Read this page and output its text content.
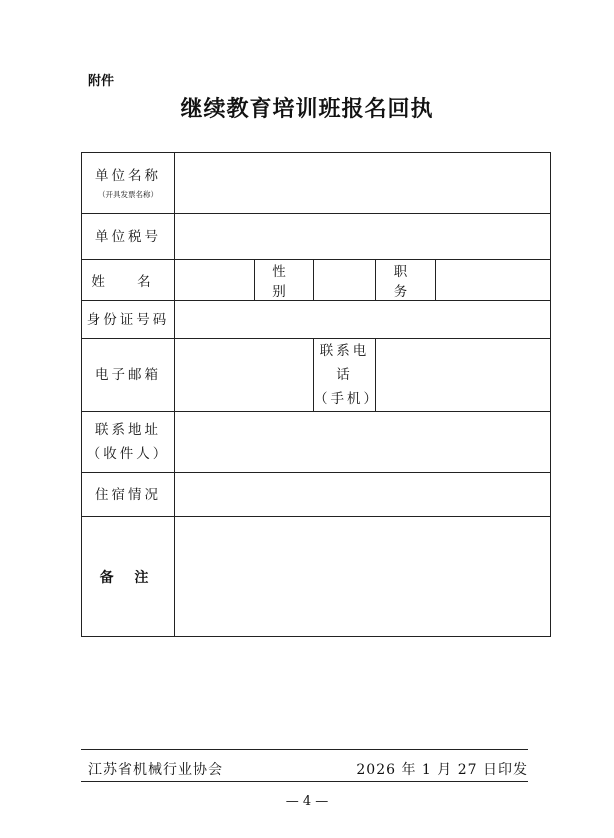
附件
继续教育培训班报名回执
单位名称
（开具发票名称）					

单位税号					
姓 名		性 别		职 务	
身份证号码					
电子邮箱			联系电话
（手机）		

联系地址
（收件人）					

住宿情况					
备 注					
江苏省机械行业协会	2026 年 1 月 27 日印发
— 4 —
